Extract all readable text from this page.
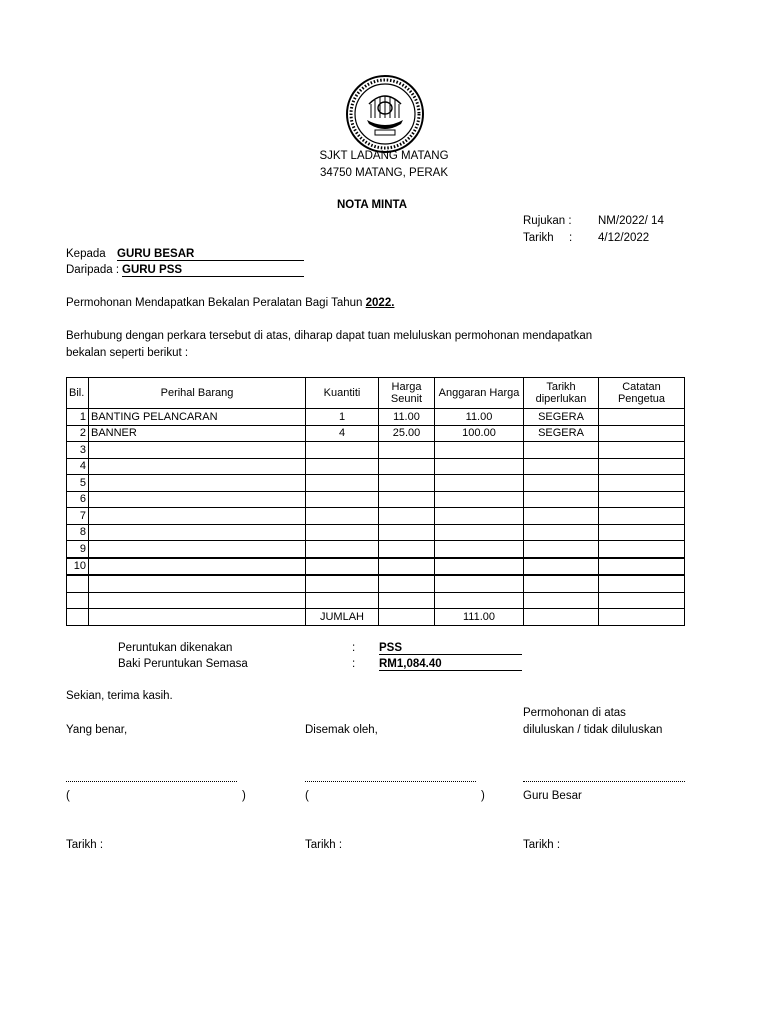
SJKT LADANG MATANG
34750 MATANG, PERAK
NOTA MINTA
Rujukan : NM/2022/ 14
Tarikh : 4/12/2022
Kepada GURU BESAR
Daripada : GURU PSS
Permohonan Mendapatkan Bekalan Peralatan Bagi Tahun 2022.
Berhubung dengan perkara tersebut di atas, diharap dapat tuan meluluskan permohonan mendapatkan
bekalan seperti berikut :
Bil.	Perihal Barang	Kuantiti	Harga Seunit	Anggaran Harga	Tarikh diperlukan	Catatan Pengetua
1	BANTING PELANCARAN	1	11.00	11.00	SEGERA	
2	BANNER	4	25.00	100.00	SEGERA	
3						
4						
5						
6						
7						
8						
9						
10						

		JUMLAH		111.00		
Peruntukan dikenakan	: PSS
Baki Peruntukan Semasa	: RM1,084.40
Sekian, terima kasih.
Permohonan di atas
Yang benar,	Disemak oleh,	diluluskan / tidak diluluskan
(	)	(	)	Guru Besar
Tarikh :	Tarikh :	Tarikh :
